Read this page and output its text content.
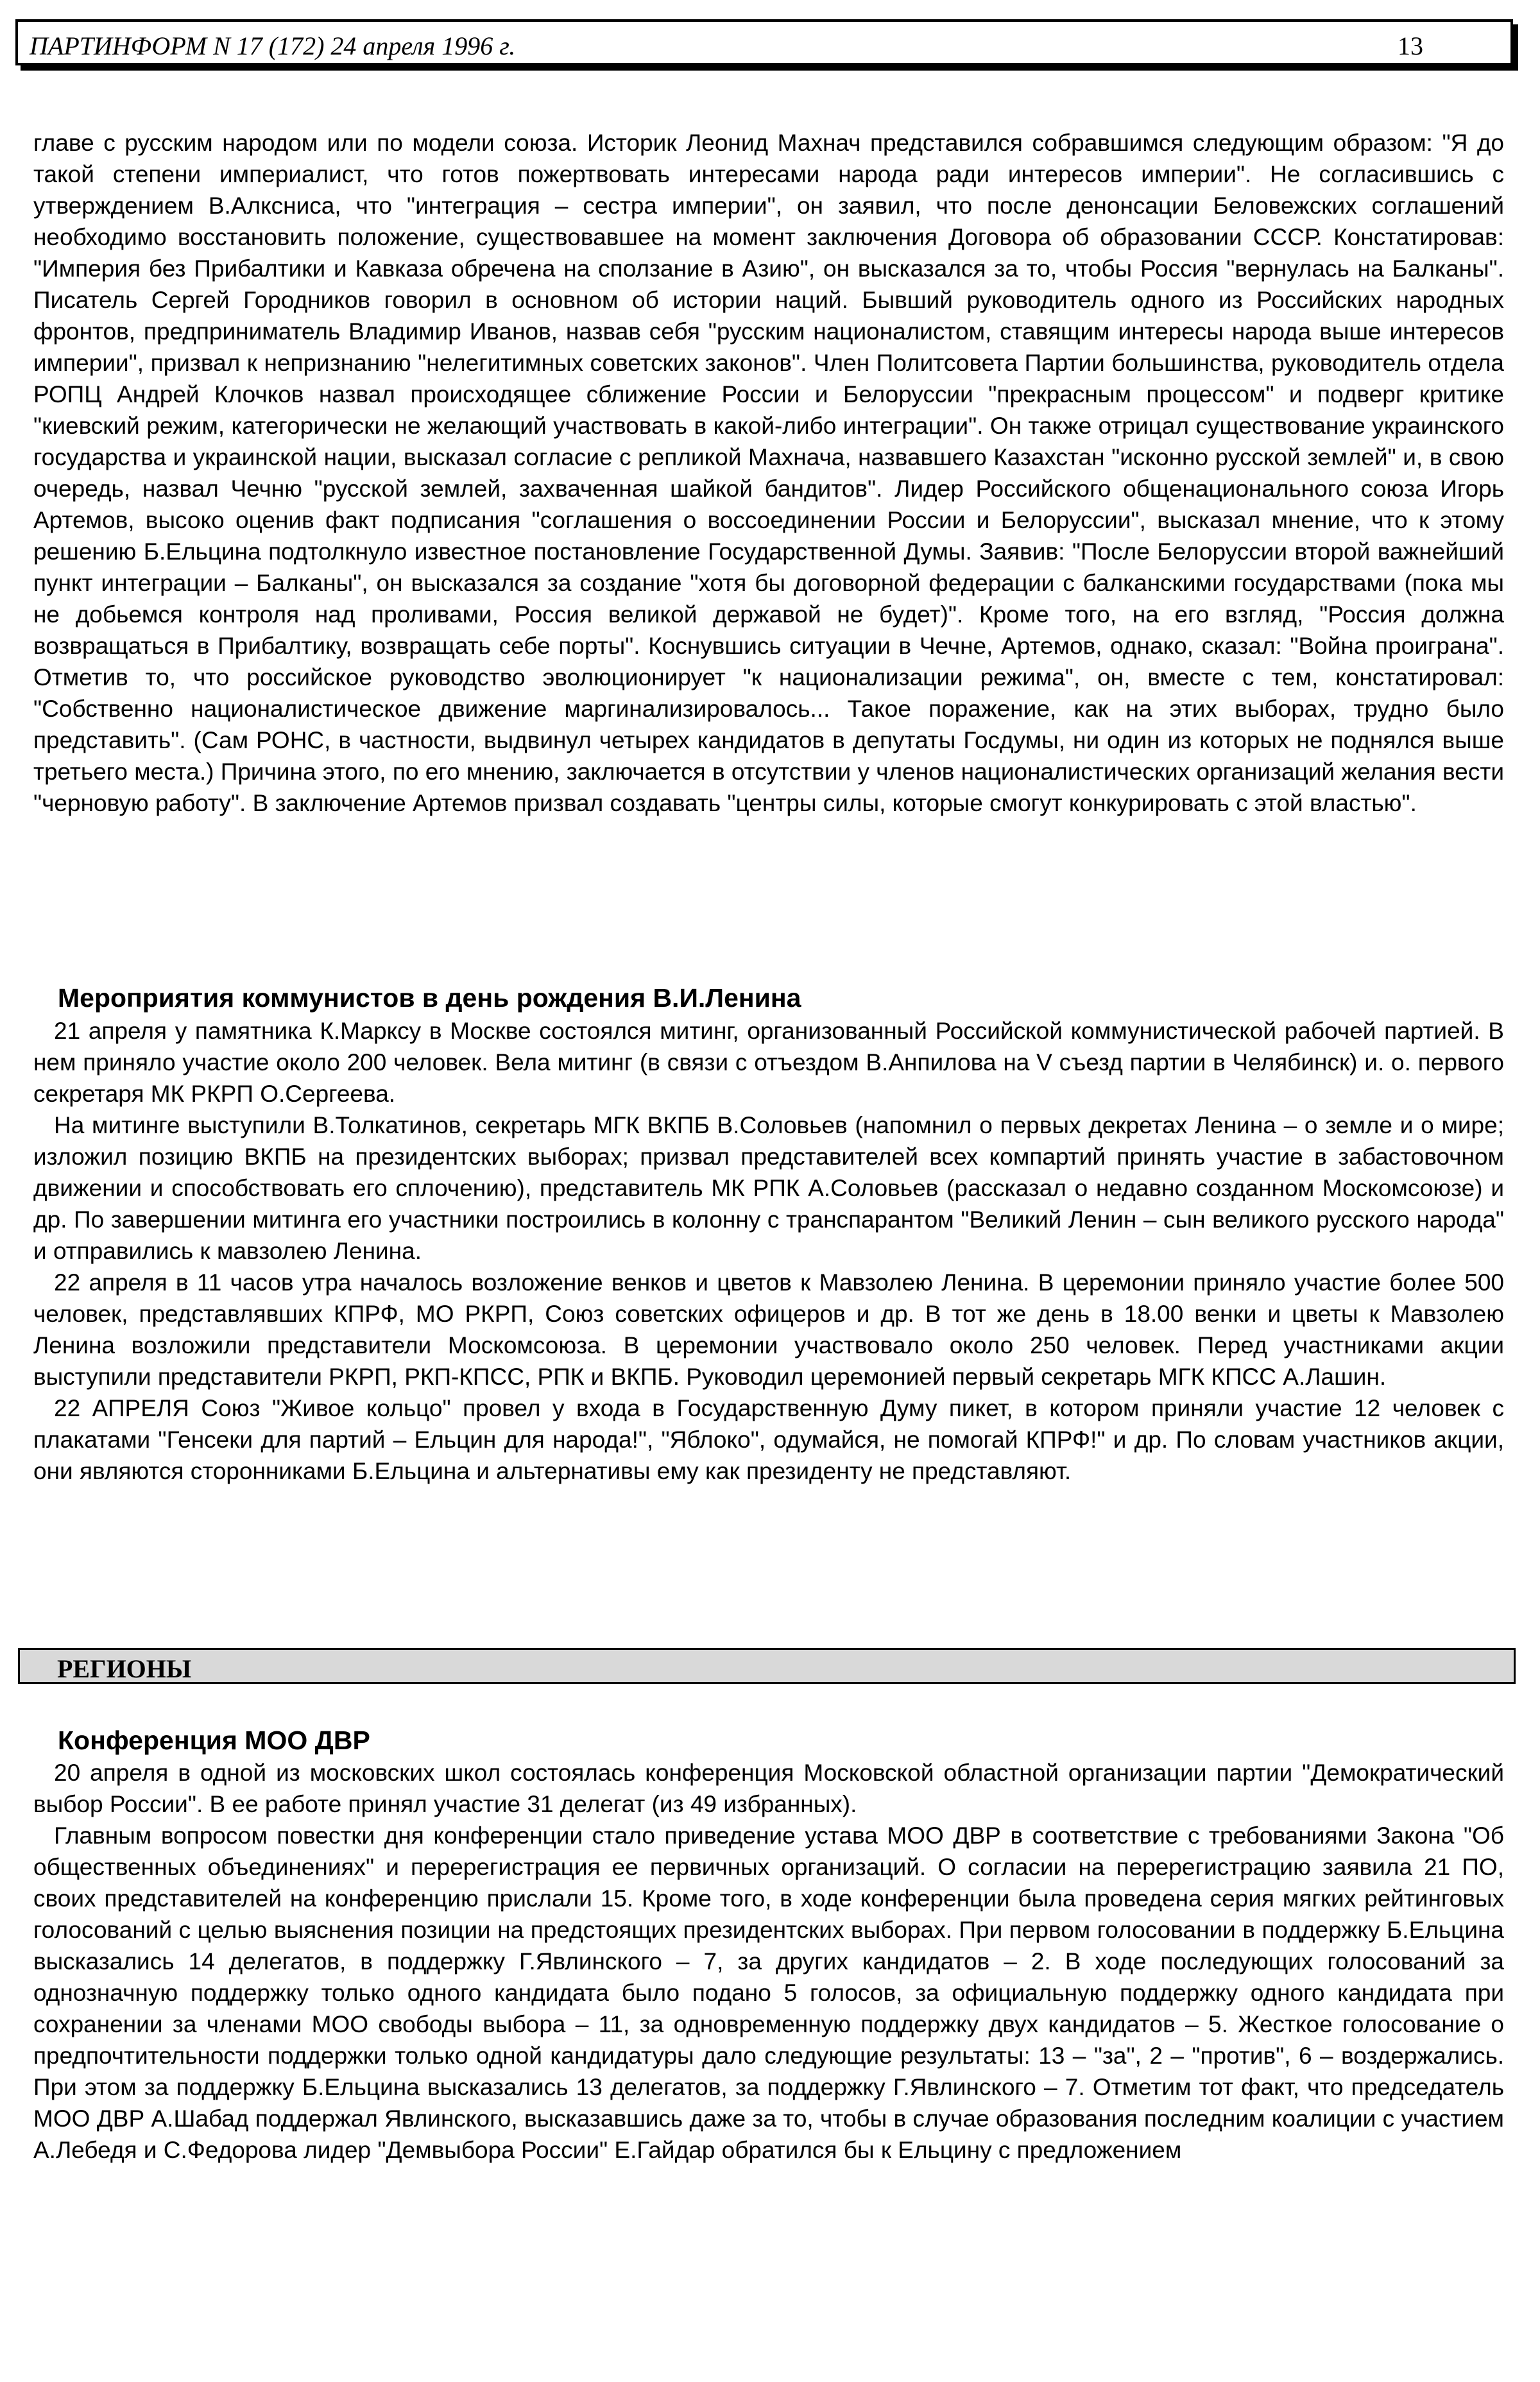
ПАРТИНФОРМ N 17 (172) 24 апреля 1996 г.	13

главе с русским народом или по модели союза. Историк Леонид Махнач представился собравшимся следующим образом: "Я до такой степени империалист, что готов пожертвовать интересами народа ради интересов империи". Не согласившись с утверждением В.Алксниса, что "интеграция – сестра империи", он заявил, что после денонсации Беловежских соглашений необходимо восстановить положение, существовавшее на момент заключения Договора об образовании СССР. Констатировав: "Империя без Прибалтики и Кавказа обречена на сползание в Азию", он высказался за то, чтобы Россия "вернулась на Балканы". Писатель Сергей Городников говорил в основном об истории наций. Бывший руководитель одного из Российских народных фронтов, предприниматель Владимир Иванов, назвав себя "русским националистом, ставящим интересы народа выше интересов империи", призвал к непризнанию "нелегитимных советских законов". Член Политсовета Партии большинства, руководитель отдела РОПЦ Андрей Клочков назвал происходящее сближение России и Белоруссии "прекрасным процессом" и подверг критике "киевский режим, категорически не желающий участвовать в какой-либо интеграции". Он также отрицал существование украинского государства и украинской нации, высказал согласие с репликой Махнача, назвавшего Казахстан "исконно русской землей" и, в свою очередь, назвал Чечню "русской землей, захваченная шайкой бандитов". Лидер Российского общенационального союза Игорь Артемов, высоко оценив факт подписания "соглашения о воссоединении России и Белоруссии", высказал мнение, что к этому решению Б.Ельцина подтолкнуло известное постановление Государственной Думы. Заявив: "После Белоруссии второй важнейший пункт интеграции – Балканы", он высказался за создание "хотя бы договорной федерации с балканскими государствами (пока мы не добьемся контроля над проливами, Россия великой державой не будет)". Кроме того, на его взгляд, "Россия должна возвращаться в Прибалтику, возвращать себе порты". Коснувшись ситуации в Чечне, Артемов, однако, сказал: "Война проиграна". Отметив то, что российское руководство эволюционирует "к национализации режима", он, вместе с тем, констатировал: "Собственно националистическое движение маргинализировалось... Такое поражение, как на этих выборах, трудно было представить". (Сам РОНС, в частности, выдвинул четырех кандидатов в депутаты Госдумы, ни один из которых не поднялся выше третьего места.) Причина этого, по его мнению, заключается в отсутствии у членов националистических организаций желания вести "черновую работу". В заключение Артемов призвал создавать "центры силы, которые смогут конкурировать с этой властью".

Мероприятия коммунистов в день рождения В.И.Ленина

21 апреля у памятника К.Марксу в Москве состоялся митинг, организованный Российской коммунистической рабочей партией. В нем приняло участие около 200 человек. Вела митинг (в связи с отъездом В.Анпилова на V съезд партии в Челябинск) и. о. первого секретаря МК РКРП О.Сергеева.

На митинге выступили В.Толкатинов, секретарь МГК ВКПБ В.Соловьев (напомнил о первых декретах Ленина – о земле и о мире; изложил позицию ВКПБ на президентских выборах; призвал представителей всех компартий принять участие в забастовочном движении и способствовать его сплочению), представитель МК РПК А.Соловьев (рассказал о недавно созданном Москомсоюзе) и др. По завершении митинга его участники построились в колонну с транспарантом "Великий Ленин – сын великого русского народа" и отправились к мавзолею Ленина.

22 апреля в 11 часов утра началось возложение венков и цветов к Мавзолею Ленина. В церемонии приняло участие более 500 человек, представлявших КПРФ, МО РКРП, Союз советских офицеров и др. В тот же день в 18.00 венки и цветы к Мавзолею Ленина возложили представители Москомсоюза. В церемонии участвовало около 250 человек. Перед участниками акции выступили представители РКРП, РКП-КПСС, РПК и ВКПБ. Руководил церемонией первый секретарь МГК КПСС А.Лашин.

22 АПРЕЛЯ Союз "Живое кольцо" провел у входа в Государственную Думу пикет, в котором приняли участие 12 человек с плакатами "Генсеки для партий – Ельцин для народа!", "Яблоко", одумайся, не помогай КПРФ!" и др. По словам участников акции, они являются сторонниками Б.Ельцина и альтернативы ему как президенту не представляют.

РЕГИОНЫ
Конференция МОО ДВР

20 апреля в одной из московских школ состоялась конференция Московской областной организации партии "Демократический выбор России". В ее работе принял участие 31 делегат (из 49 избранных).

Главным вопросом повестки дня конференции стало приведение устава МОО ДВР в соответствие с требованиями Закона "Об общественных объединениях" и перерегистрация ее первичных организаций. О согласии на перерегистрацию заявила 21 ПО, своих представителей на конференцию прислали 15. Кроме того, в ходе конференции была проведена серия мягких рейтинговых голосований с целью выяснения позиции на предстоящих президентских выборах. При первом голосовании в поддержку Б.Ельцина высказались 14 делегатов, в поддержку Г.Явлинского – 7, за других кандидатов – 2. В ходе последующих голосований за однозначную поддержку только одного кандидата было подано 5 голосов, за официальную поддержку одного кандидата при сохранении за членами МОО свободы выбора – 11, за одновременную поддержку двух кандидатов – 5. Жесткое голосование о предпочтительности поддержки только одной кандидатуры дало следующие результаты: 13 – "за", 2 – "против", 6 – воздержались. При этом за поддержку Б.Ельцина высказались 13 делегатов, за поддержку Г.Явлинского – 7. Отметим тот факт, что председатель МОО ДВР А.Шабад поддержал Явлинского, высказавшись даже за то, чтобы в случае образования последним коалиции с участием А.Лебедя и С.Федорова лидер "Демвыбора России" Е.Гайдар обратился бы к Ельцину с предложением
